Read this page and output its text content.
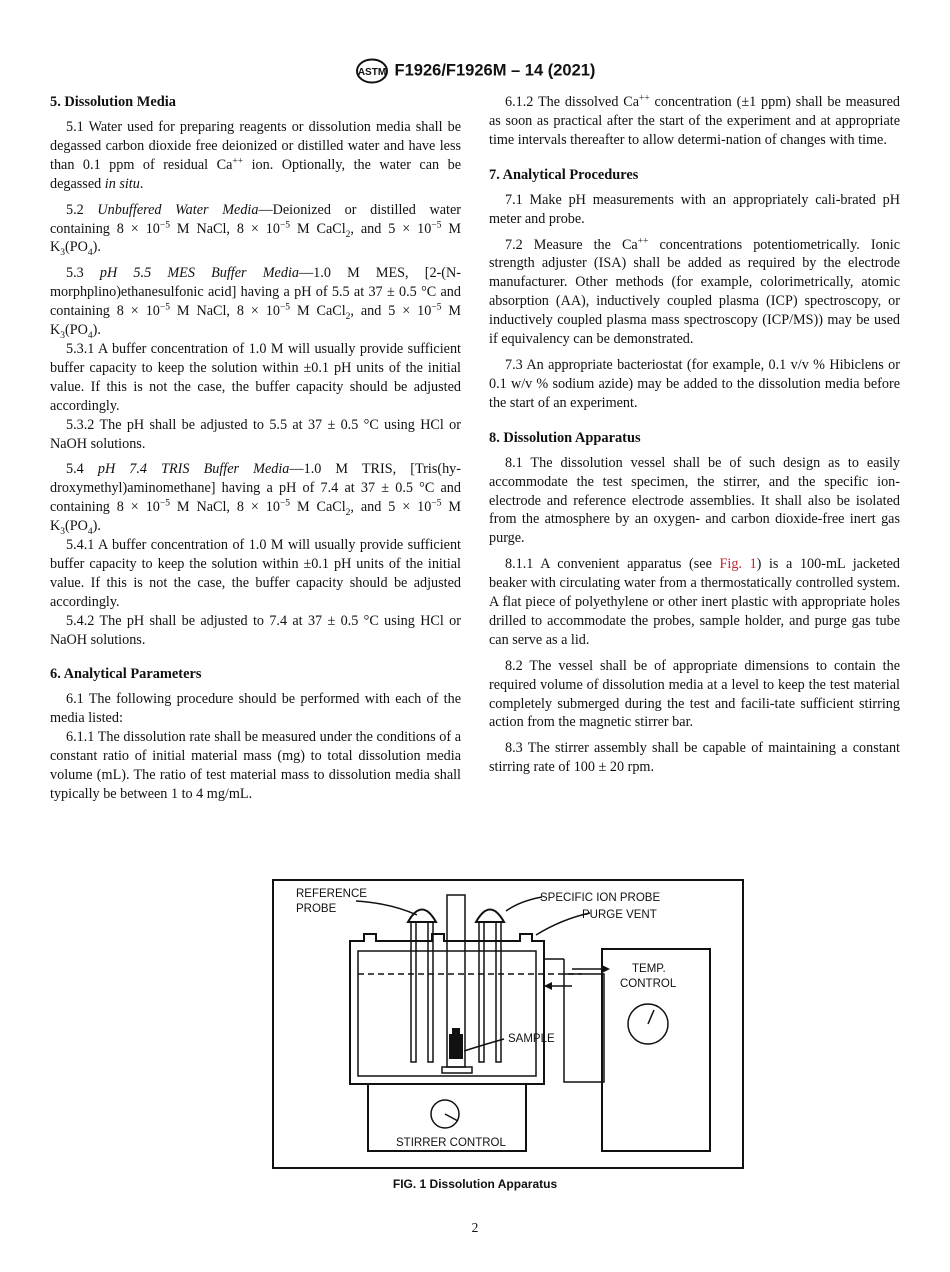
ASTM F1926/F1926M – 14 (2021)
5. Dissolution Media

5.1 Water used for preparing reagents or dissolution media shall be degassed carbon dioxide free deionized or distilled water and have less than 0.1 ppm of residual Ca++ ion. Optionally, the water can be degassed in situ.

5.2 Unbuffered Water Media—Deionized or distilled water containing $8 \times 10^{-5}$ M NaCl, $8 \times 10^{-5}$ M CaCl$_2$, and $5 \times 10^{-5}$ M $K_3(PO_4)$.

5.3 pH 5.5 MES Buffer Media—1.0 M MES, [2-(N-morphplino)ethanesulfonic acid] having a pH of 5.5 at 37 ± 0.5 °C and containing $8 \times 10^{-5}$ M NaCl, $8 \times 10^{-5}$ M CaCl$_2$, and $5 \times 10^{-5}$ M $K_3(PO_4)$.

5.3.1 A buffer concentration of 1.0 M will usually provide sufficient buffer capacity to keep the solution within ±0.1 pH units of the initial value. If this is not the case, the buffer capacity should be adjusted accordingly.

5.3.2 The pH shall be adjusted to 5.5 at 37 ± 0.5 °C using HCl or NaOH solutions.

5.4 pH 7.4 TRIS Buffer Media—1.0 M TRIS, [Tris(hy-droxymethyl)aminomethane] having a pH of 7.4 at 37 ± 0.5 °C and containing $8 \times 10^{-5}$ M NaCl, $8 \times 10^{-5}$ M CaCl$_2$, and $5 \times 10^{-5}$ M $K_3(PO_4)$.

5.4.1 A buffer concentration of 1.0 M will usually provide sufficient buffer capacity to keep the solution within ±0.1 pH units of the initial value. If this is not the case, the buffer capacity should be adjusted accordingly.

5.4.2 The pH shall be adjusted to 7.4 at 37 ± 0.5 °C using HCl or NaOH solutions.

6. Analytical Parameters

6.1 The following procedure should be performed with each of the media listed:

6.1.1 The dissolution rate shall be measured under the conditions of a constant ratio of initial material mass (mg) to total dissolution media volume (mL). The ratio of test material mass to dissolution media shall typically be between 1 to 4 mg/mL.

6.1.2 The dissolved Ca++ concentration (±1 ppm) shall be measured as soon as practical after the start of the experiment and at appropriate time intervals thereafter to allow determi-nation of changes with time.

7. Analytical Procedures

7.1 Make pH measurements with an appropriately cali-brated pH meter and probe.

7.2 Measure the Ca++ concentrations potentiometrically. Ionic strength adjuster (ISA) shall be added as required by the electrode manufacturer. Other methods (for example, colorimetrically, atomic absorption (AA), inductively coupled plasma (ICP) spectroscopy, or inductively coupled plasma mass spectroscopy (ICP/MS)) may be used if equivalency can be demonstrated.

7.3 An appropriate bacteriostat (for example, 0.1 v/v % Hibiclens or 0.1 w/v % sodium azide) may be added to the dissolution media before the start of an experiment.

8. Dissolution Apparatus

8.1 The dissolution vessel shall be of such design as to easily accommodate the test specimen, the stirrer, and the specific ion-electrode and reference electrode assemblies. It shall also be isolated from the atmosphere by an oxygen- and carbon dioxide-free inert gas purge.

8.1.1 A convenient apparatus (see Fig. 1) is a 100-mL jacketed beaker with circulating water from a thermostatically controlled system. A flat piece of polyethylene or other inert plastic with appropriate holes drilled to accommodate the probes, sample holder, and purge gas tube can serve as a lid.

8.2 The vessel shall be of appropriate dimensions to contain the required volume of dissolution media at a level to keep the test material completely submerged during the test and facili-tate sufficient stirring action from the magnetic stirrer bar.

8.3 The stirrer assembly shall be capable of maintaining a constant stirring rate of 100 ± 20 rpm.

REFERENCE
PROBE
SPECIFIC ION PROBE
PURGE VENT
TEMP.
CONTROL
SAMPLE
STIRRER CONTROL
FIG. 1 Dissolution Apparatus
2
